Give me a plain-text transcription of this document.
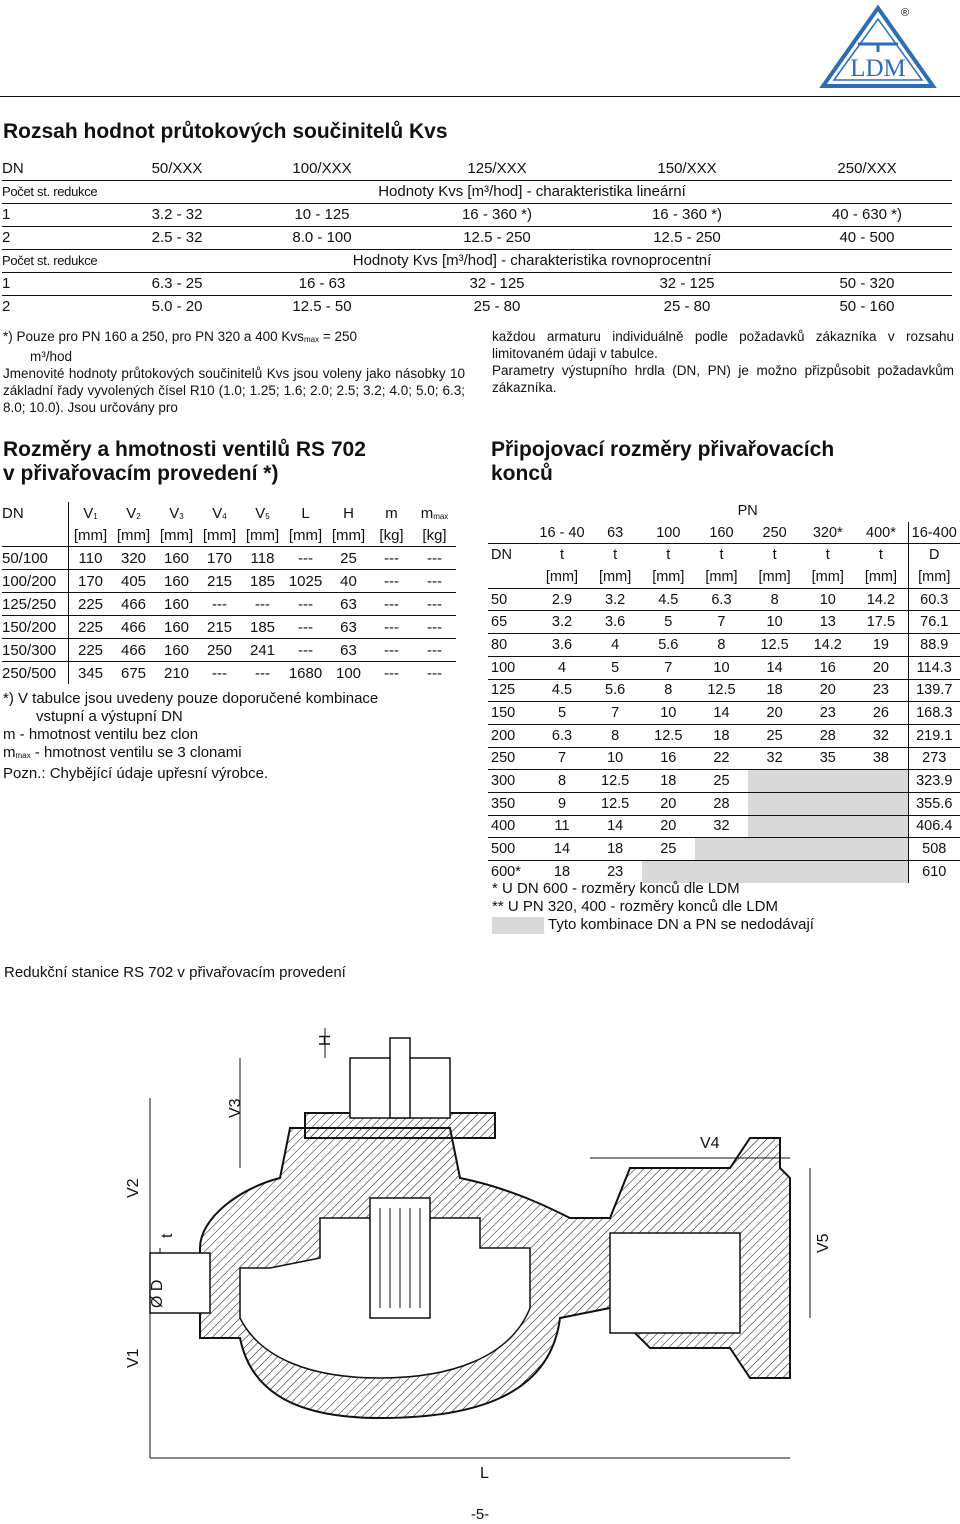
LDM
®
Rozsah hodnot průtokových součinitelů Kvs
DN	50/XXX	100/XXX	125/XXX	150/XXX	250/XXX
Počet st. redukce	Hodnoty Kvs [m³/hod] - charakteristika lineární				
1	3.2 - 32	10 - 125	16 - 360 *)	16 - 360 *)	40 - 630 *)
2	2.5 - 32	8.0 - 100	12.5 - 250	12.5 - 250	40 - 500
Počet st. redukce	Hodnoty Kvs [m³/hod] - charakteristika rovnoprocentní				
1	6.3 - 25	16 - 63	32 - 125	32 - 125	50 - 320
2	5.0 - 20	12.5 - 50	25 - 80	25 - 80	50 - 160
*) Pouze pro PN 160 a 250, pro PN 320 a 400 Kvs$_{max}$ = 250
m³/hod
Jmenovité hodnoty průtokových součinitelů Kvs jsou voleny jako násobky 10 základní řady vyvolených čísel R10 (1.0; 1.25; 1.6; 2.0; 2.5; 3.2; 4.0; 5.0; 6.3; 8.0; 10.0). Jsou určovány pro
každou armaturu individuálně podle požadavků zákazníka v rozsahu limitovaném údaji v tabulce.
Parametry výstupního hrdla (DN, PN) je možno přizpůsobit požadavkům zákazníka.
Rozměry a hmotnosti ventilů RS 702
v přivařovacím provedení *)
DN	$V_1$	$V_2$	$V_3$	$V_4$	$V_5$	L	H	m	$m_{max}$
	[mm]	[mm]	[mm]	[mm]	[mm]	[mm]	[mm]	[kg]	[kg]
50/100	110	320	160	170	118	---	25	---	---
100/200	170	405	160	215	185	1025	40	---	---
125/250	225	466	160	---	---	---	63	---	---
150/200	225	466	160	215	185	---	63	---	---
150/300	225	466	160	250	241	---	63	---	---
250/500	345	675	210	---	---	1680	100	---	---
*) V tabulce jsou uvedeny pouze doporučené kombinace
vstupní a výstupní DN
m - hmotnost ventilu bez clon
$m_{max}$ - hmotnost ventilu se 3 clonami
Pozn.: Chybějící údaje upřesní výrobce.
Připojovací rozměry přivařovacích
konců
	PN							
	16 - 40	63	100	160	250	320*	400*	16-400
DN	t	t	t	t	t	t	t	D
	[mm]	[mm]	[mm]	[mm]	[mm]	[mm]	[mm]	[mm]
50	2.9	3.2	4.5	6.3	8	10	14.2	60.3
65	3.2	3.6	5	7	10	13	17.5	76.1
80	3.6	4	5.6	8	12.5	14.2	19	88.9
100	4	5	7	10	14	16	20	114.3
125	4.5	5.6	8	12.5	18	20	23	139.7
150	5	7	10	14	20	23	26	168.3
200	6.3	8	12.5	18	25	28	32	219.1
250	7	10	16	22	32	35	38	273
300	8	12.5	18	25				323.9
350	9	12.5	20	28				355.6
400	11	14	20	32				406.4
500	14	18	25					508
600*	18	23						610
* U DN 600 - rozměry konců dle LDM
** U PN 320, 400 - rozměry konců dle LDM
Tyto kombinace DN a PN se nedodávají
Redukční stanice RS 702 v přivařovacím provedení
H
V3
V2
V1
t
Ø D
V4
V5
L
-5-
